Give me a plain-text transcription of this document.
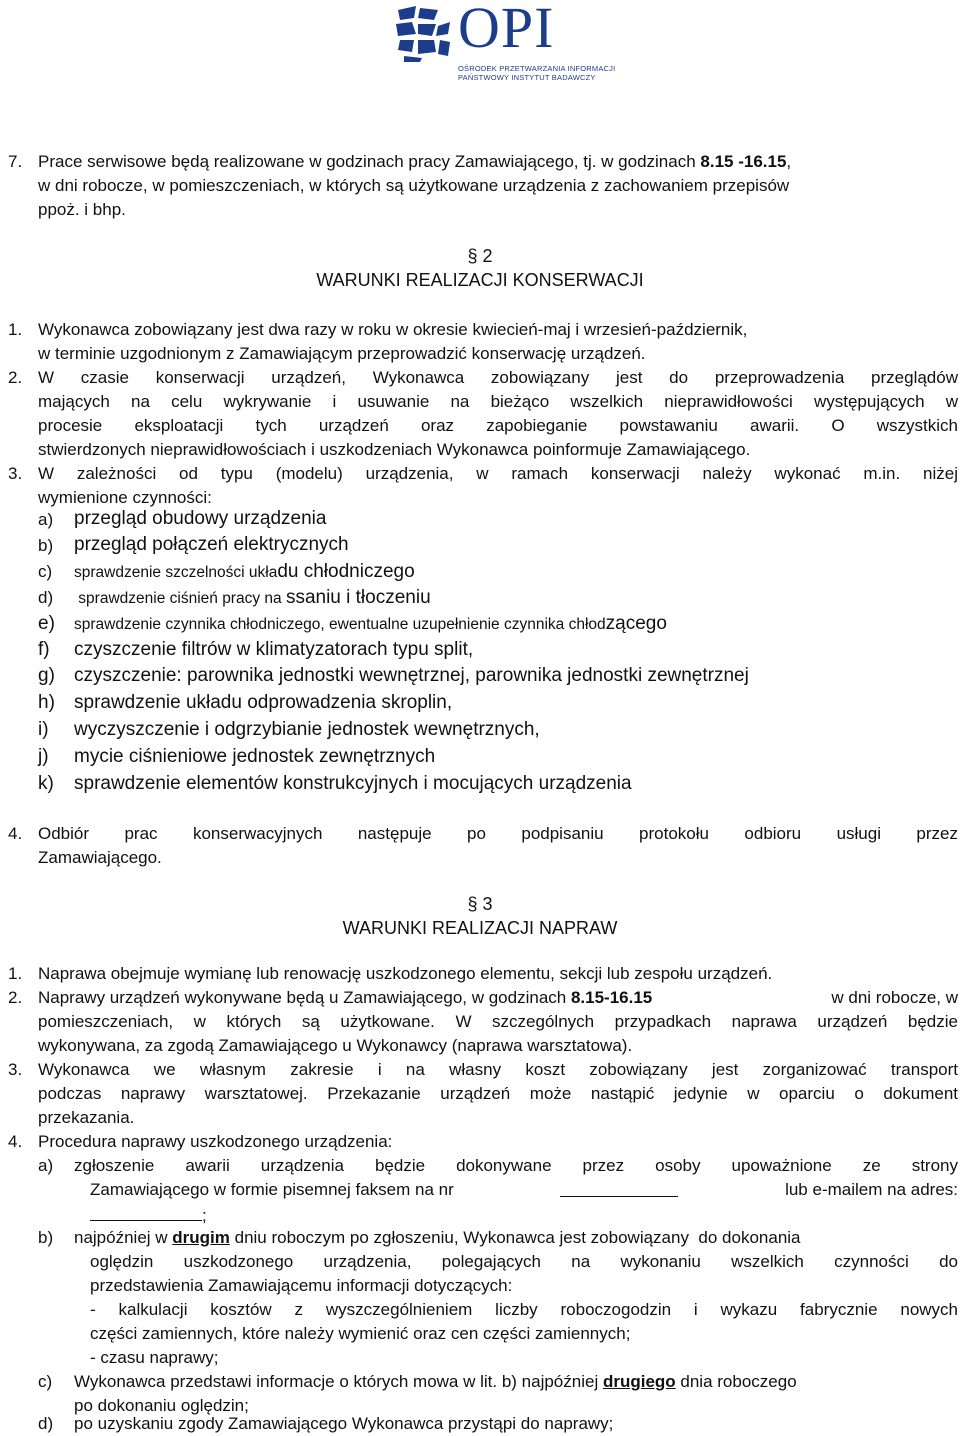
OPI
OŚRODEK PRZETWARZANIA INFORMACJI
PAŃSTWOWY INSTYTUT BADAWCZY
7. Prace serwisowe będą realizowane w godzinach pracy Zamawiającego, tj. w godzinach 8.15 -16.15,
w dni robocze, w pomieszczeniach, w których są użytkowane urządzenia z zachowaniem przepisów
ppoż. i bhp.
§ 2
WARUNKI REALIZACJI KONSERWACJI
1. Wykonawca zobowiązany jest dwa razy w roku w okresie kwiecień-maj i wrzesień-październik,
w terminie uzgodnionym z Zamawiającym przeprowadzić konserwację urządzeń.
2. W czasie konserwacji urządzeń, Wykonawca zobowiązany jest do przeprowadzenia przeglądów
mających na celu wykrywanie i usuwanie na bieżąco wszelkich nieprawidłowości występujących w
procesie eksploatacji tych urządzeń oraz zapobieganie powstawaniu awarii. O wszystkich
stwierdzonych nieprawidłowościach i uszkodzeniach Wykonawca poinformuje Zamawiającego.
3. W zależności od typu (modelu) urządzenia, w ramach konserwacji należy wykonać m.in. niżej
wymienione czynności:
a) przegląd obudowy urządzenia
b) przegląd połączeń elektrycznych
c) sprawdzenie szczelności układu chłodniczego
d) sprawdzenie ciśnień pracy na ssaniu i tłoczeniu
e) sprawdzenie czynnika chłodniczego, ewentualne uzupełnienie czynnika chłodzącego
f) czyszczenie filtrów w klimatyzatorach typu split,
g) czyszczenie: parownika jednostki wewnętrznej, parownika jednostki zewnętrznej
h) sprawdzenie układu odprowadzenia skroplin,
i) wyczyszczenie i odgrzybianie jednostek wewnętrznych,
j) mycie ciśnieniowe jednostek zewnętrznych
k) sprawdzenie elementów konstrukcyjnych i mocujących urządzenia
4. Odbiór prac konserwacyjnych następuje po podpisaniu protokołu odbioru usługi przez
Zamawiającego.
§ 3
WARUNKI REALIZACJI NAPRAW
1. Naprawa obejmuje wymianę lub renowację uszkodzonego elementu, sekcji lub zespołu urządzeń.
2. Naprawy urządzeń wykonywane będą u Zamawiającego, w godzinach 8.15-16.15	w dni robocze, w
pomieszczeniach, w których są użytkowane. W szczególnych przypadkach naprawa urządzeń będzie
wykonywana, za zgodą Zamawiającego u Wykonawcy (naprawa warsztatowa).
3. Wykonawca we własnym zakresie i na własny koszt zobowiązany jest zorganizować transport
podczas naprawy warsztatowej. Przekazanie urządzeń może nastąpić jedynie w oparciu o dokument
przekazania.
4. Procedura naprawy uszkodzonego urządzenia:
a) zgłoszenie awarii urządzenia będzie dokonywane przez osoby upoważnione ze strony
Zamawiającego w formie pisemnej faksem na nr	lub e-mailem na adres:
;
b) najpóźniej w drugim dniu roboczym po zgłoszeniu, Wykonawca jest zobowiązany  do dokonania
oględzin uszkodzonego urządzenia, polegających na wykonaniu wszelkich czynności do
przedstawienia Zamawiającemu informacji dotyczących:
- kalkulacji kosztów z wyszczególnieniem liczby roboczogodzin i wykazu fabrycznie nowych
części zamiennych, które należy wymienić oraz cen części zamiennych;
- czasu naprawy;
c) Wykonawca przedstawi informacje o których mowa w lit. b) najpóźniej drugiego dnia roboczego
po dokonaniu oględzin;
d) po uzyskaniu zgody Zamawiającego Wykonawca przystąpi do naprawy;
